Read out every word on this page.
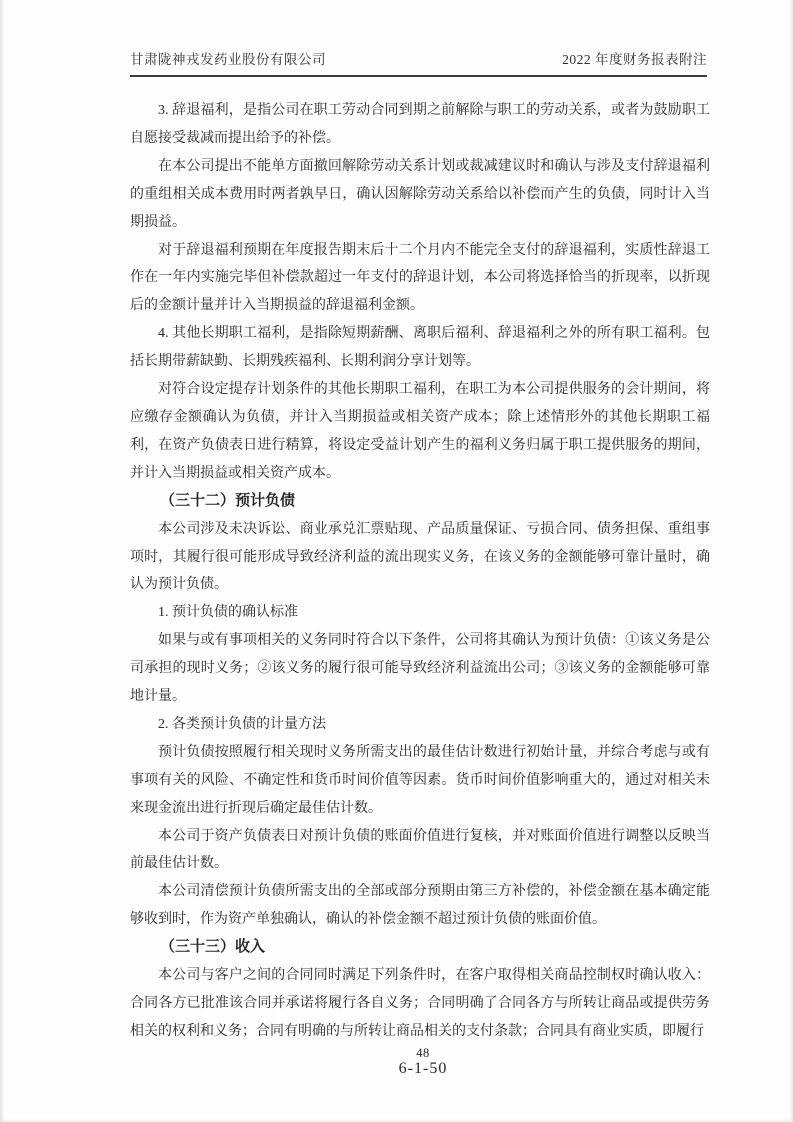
甘肃陇神戎发药业股份有限公司	2022 年度财务报表附注

3. 辞退福利，是指公司在职工劳动合同到期之前解除与职工的劳动关系，或者为鼓励职工自愿接受裁减而提出给予的补偿。

在本公司提出不能单方面撤回解除劳动关系计划或裁减建议时和确认与涉及支付辞退福利的重组相关成本费用时两者孰早日，确认因解除劳动关系给以补偿而产生的负债，同时计入当期损益。

对于辞退福利预期在年度报告期末后十二个月内不能完全支付的辞退福利，实质性辞退工作在一年内实施完毕但补偿款超过一年支付的辞退计划，本公司将选择恰当的折现率，以折现后的金额计量并计入当期损益的辞退福利金额。

4. 其他长期职工福利，是指除短期薪酬、离职后福利、辞退福利之外的所有职工福利。包括长期带薪缺勤、长期残疾福利、长期利润分享计划等。

对符合设定提存计划条件的其他长期职工福利，在职工为本公司提供服务的会计期间，将应缴存金额确认为负债，并计入当期损益或相关资产成本；除上述情形外的其他长期职工福利，在资产负债表日进行精算，将设定受益计划产生的福利义务归属于职工提供服务的期间，并计入当期损益或相关资产成本。

（三十二）预计负债

本公司涉及未决诉讼、商业承兑汇票贴现、产品质量保证、亏损合同、债务担保、重组事项时，其履行很可能形成导致经济利益的流出现实义务，在该义务的金额能够可靠计量时，确认为预计负债。

1. 预计负债的确认标准

如果与或有事项相关的义务同时符合以下条件，公司将其确认为预计负债：①该义务是公司承担的现时义务；②该义务的履行很可能导致经济利益流出公司；③该义务的金额能够可靠地计量。

2. 各类预计负债的计量方法

预计负债按照履行相关现时义务所需支出的最佳估计数进行初始计量，并综合考虑与或有事项有关的风险、不确定性和货币时间价值等因素。货币时间价值影响重大的，通过对相关未来现金流出进行折现后确定最佳估计数。

本公司于资产负债表日对预计负债的账面价值进行复核，并对账面价值进行调整以反映当前最佳估计数。

本公司清偿预计负债所需支出的全部或部分预期由第三方补偿的，补偿金额在基本确定能够收到时，作为资产单独确认，确认的补偿金额不超过预计负债的账面价值。

（三十三）收入

本公司与客户之间的合同同时满足下列条件时，在客户取得相关商品控制权时确认收入：合同各方已批准该合同并承诺将履行各自义务；合同明确了合同各方与所转让商品或提供劳务相关的权利和义务；合同有明确的与所转让商品相关的支付条款；合同具有商业实质，即履行

48
6-1-50
